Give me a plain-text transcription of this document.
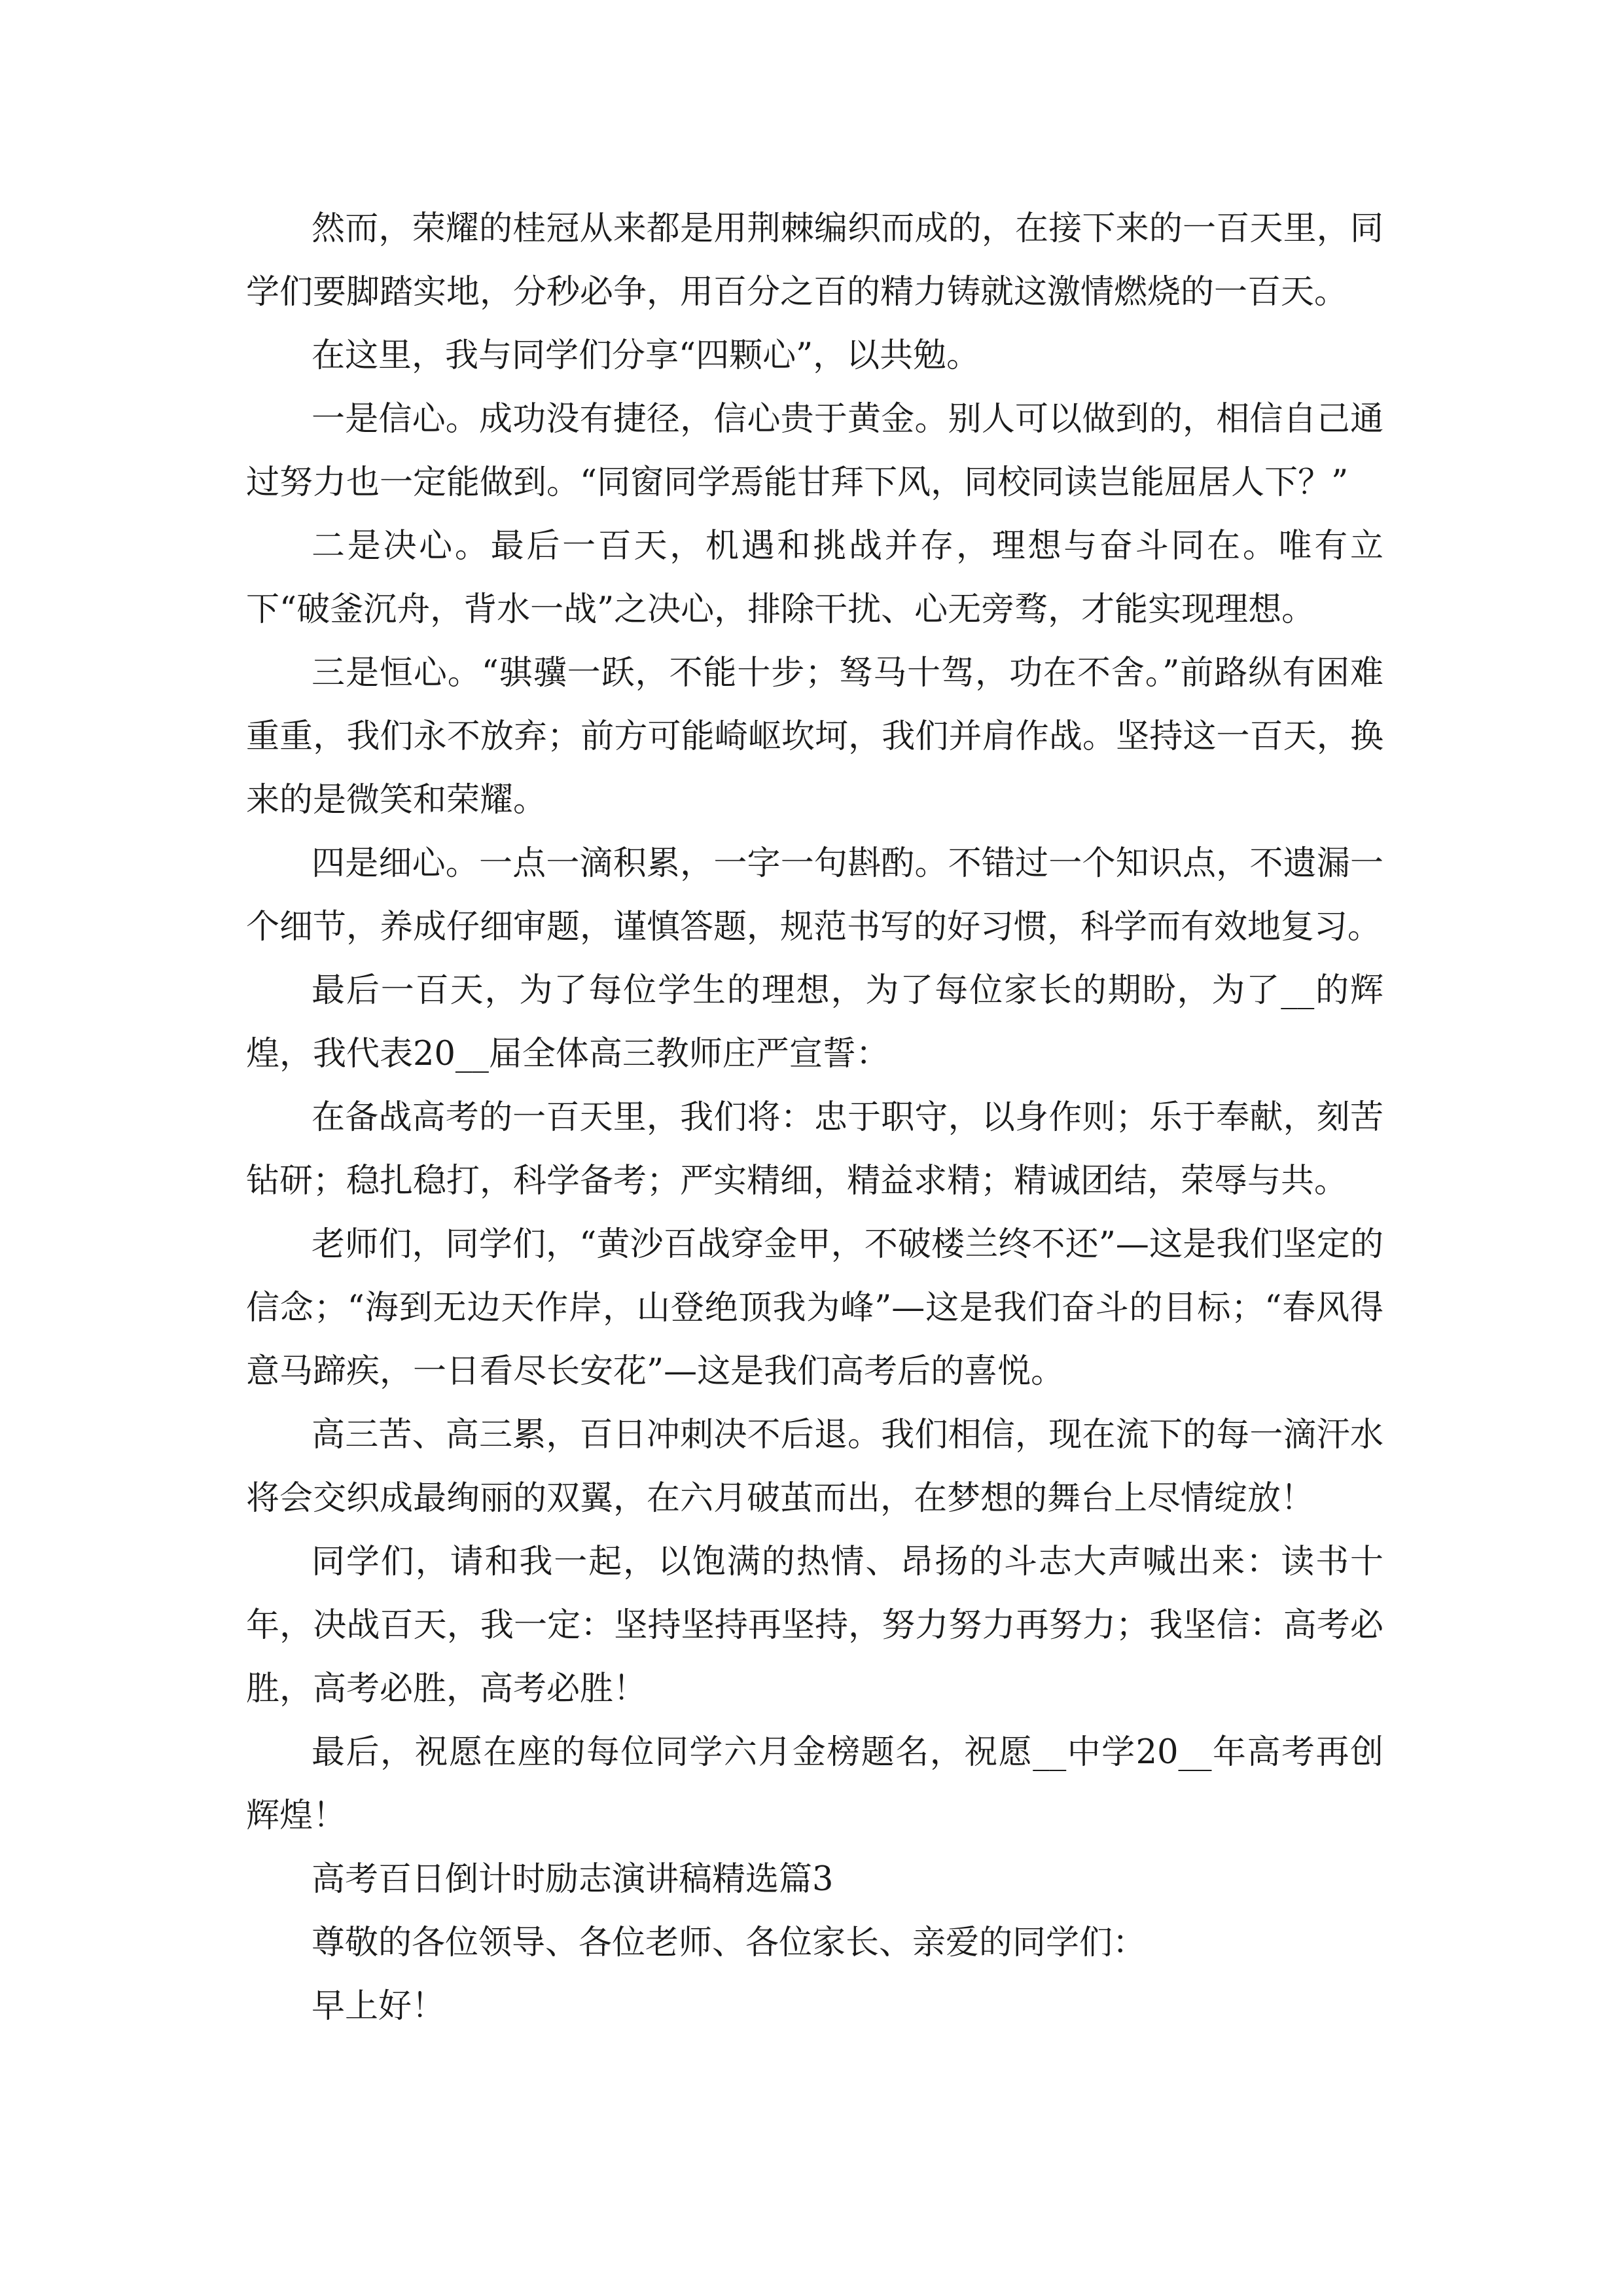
然而，荣耀的桂冠从来都是用荆棘编织而成的，在接下来的一百天里，同学们要脚踏实地，分秒必争，用百分之百的精力铸就这激情燃烧的一百天。

在这里，我与同学们分享“四颗心”，以共勉。

一是信心。成功没有捷径，信心贵于黄金。别人可以做到的，相信自己通过努力也一定能做到。“同窗同学焉能甘拜下风，同校同读岂能屈居人下？”

二是决心。最后一百天，机遇和挑战并存，理想与奋斗同在。唯有立下“破釜沉舟，背水一战”之决心，排除干扰、心无旁骛，才能实现理想。

三是恒心。“骐骥一跃，不能十步；驽马十驾，功在不舍。”前路纵有困难重重，我们永不放弃；前方可能崎岖坎坷，我们并肩作战。坚持这一百天，换来的是微笑和荣耀。

四是细心。一点一滴积累，一字一句斟酌。不错过一个知识点，不遗漏一个细节，养成仔细审题，谨慎答题，规范书写的好习惯，科学而有效地复习。

最后一百天，为了每位学生的理想，为了每位家长的期盼，为了__的辉煌，我代表20__届全体高三教师庄严宣誓：

在备战高考的一百天里，我们将：忠于职守，以身作则；乐于奉献，刻苦钻研；稳扎稳打，科学备考；严实精细，精益求精；精诚团结，荣辱与共。

老师们，同学们，“黄沙百战穿金甲，不破楼兰终不还”—这是我们坚定的信念；“海到无边天作岸，山登绝顶我为峰”—这是我们奋斗的目标；“春风得意马蹄疾，一日看尽长安花”—这是我们高考后的喜悦。

高三苦、高三累，百日冲刺决不后退。我们相信，现在流下的每一滴汗水将会交织成最绚丽的双翼，在六月破茧而出，在梦想的舞台上尽情绽放！

同学们，请和我一起，以饱满的热情、昂扬的斗志大声喊出来：读书十年，决战百天，我一定：坚持坚持再坚持，努力努力再努力；我坚信：高考必胜，高考必胜，高考必胜！

最后，祝愿在座的每位同学六月金榜题名，祝愿__中学20__年高考再创辉煌！

高考百日倒计时励志演讲稿精选篇3

尊敬的各位领导、各位老师、各位家长、亲爱的同学们：

早上好！
